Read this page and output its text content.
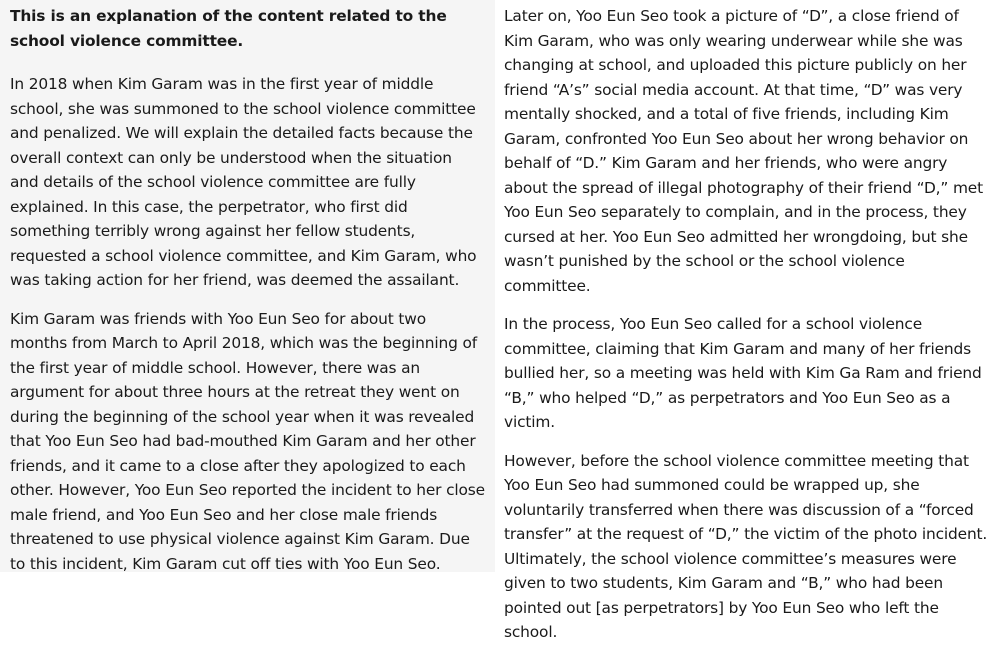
This is an explanation of the content related to the school violence committee.

In 2018 when Kim Garam was in the first year of middle school, she was summoned to the school violence committee and penalized. We will explain the detailed facts because the overall context can only be understood when the situation and details of the school violence committee are fully explained. In this case, the perpetrator, who first did something terribly wrong against her fellow students, requested a school violence committee, and Kim Garam, who was taking action for her friend, was deemed the assailant.

Kim Garam was friends with Yoo Eun Seo for about two months from March to April 2018, which was the beginning of the first year of middle school. However, there was an argument for about three hours at the retreat they went on during the beginning of the school year when it was revealed that Yoo Eun Seo had bad-mouthed Kim Garam and her other friends, and it came to a close after they apologized to each other. However, Yoo Eun Seo reported the incident to her close male friend, and Yoo Eun Seo and her close male friends threatened to use physical violence against Kim Garam. Due to this incident, Kim Garam cut off ties with Yoo Eun Seo.

Later on, Yoo Eun Seo took a picture of “D”, a close friend of Kim Garam, who was only wearing underwear while she was changing at school, and uploaded this picture publicly on her friend “A’s” social media account. At that time, “D” was very mentally shocked, and a total of five friends, including Kim Garam, confronted Yoo Eun Seo about her wrong behavior on behalf of “D.” Kim Garam and her friends, who were angry about the spread of illegal photography of their friend “D,” met Yoo Eun Seo separately to complain, and in the process, they cursed at her. Yoo Eun Seo admitted her wrongdoing, but she wasn’t punished by the school or the school violence committee.

In the process, Yoo Eun Seo called for a school violence committee, claiming that Kim Garam and many of her friends bullied her, so a meeting was held with Kim Ga Ram and friend “B,” who helped “D,” as perpetrators and Yoo Eun Seo as a victim.

However, before the school violence committee meeting that Yoo Eun Seo had summoned could be wrapped up, she voluntarily transferred when there was discussion of a “forced transfer” at the request of “D,” the victim of the photo incident. Ultimately, the school violence committee’s measures were given to two students, Kim Garam and “B,” who had been pointed out [as perpetrators] by Yoo Eun Seo who left the school.
